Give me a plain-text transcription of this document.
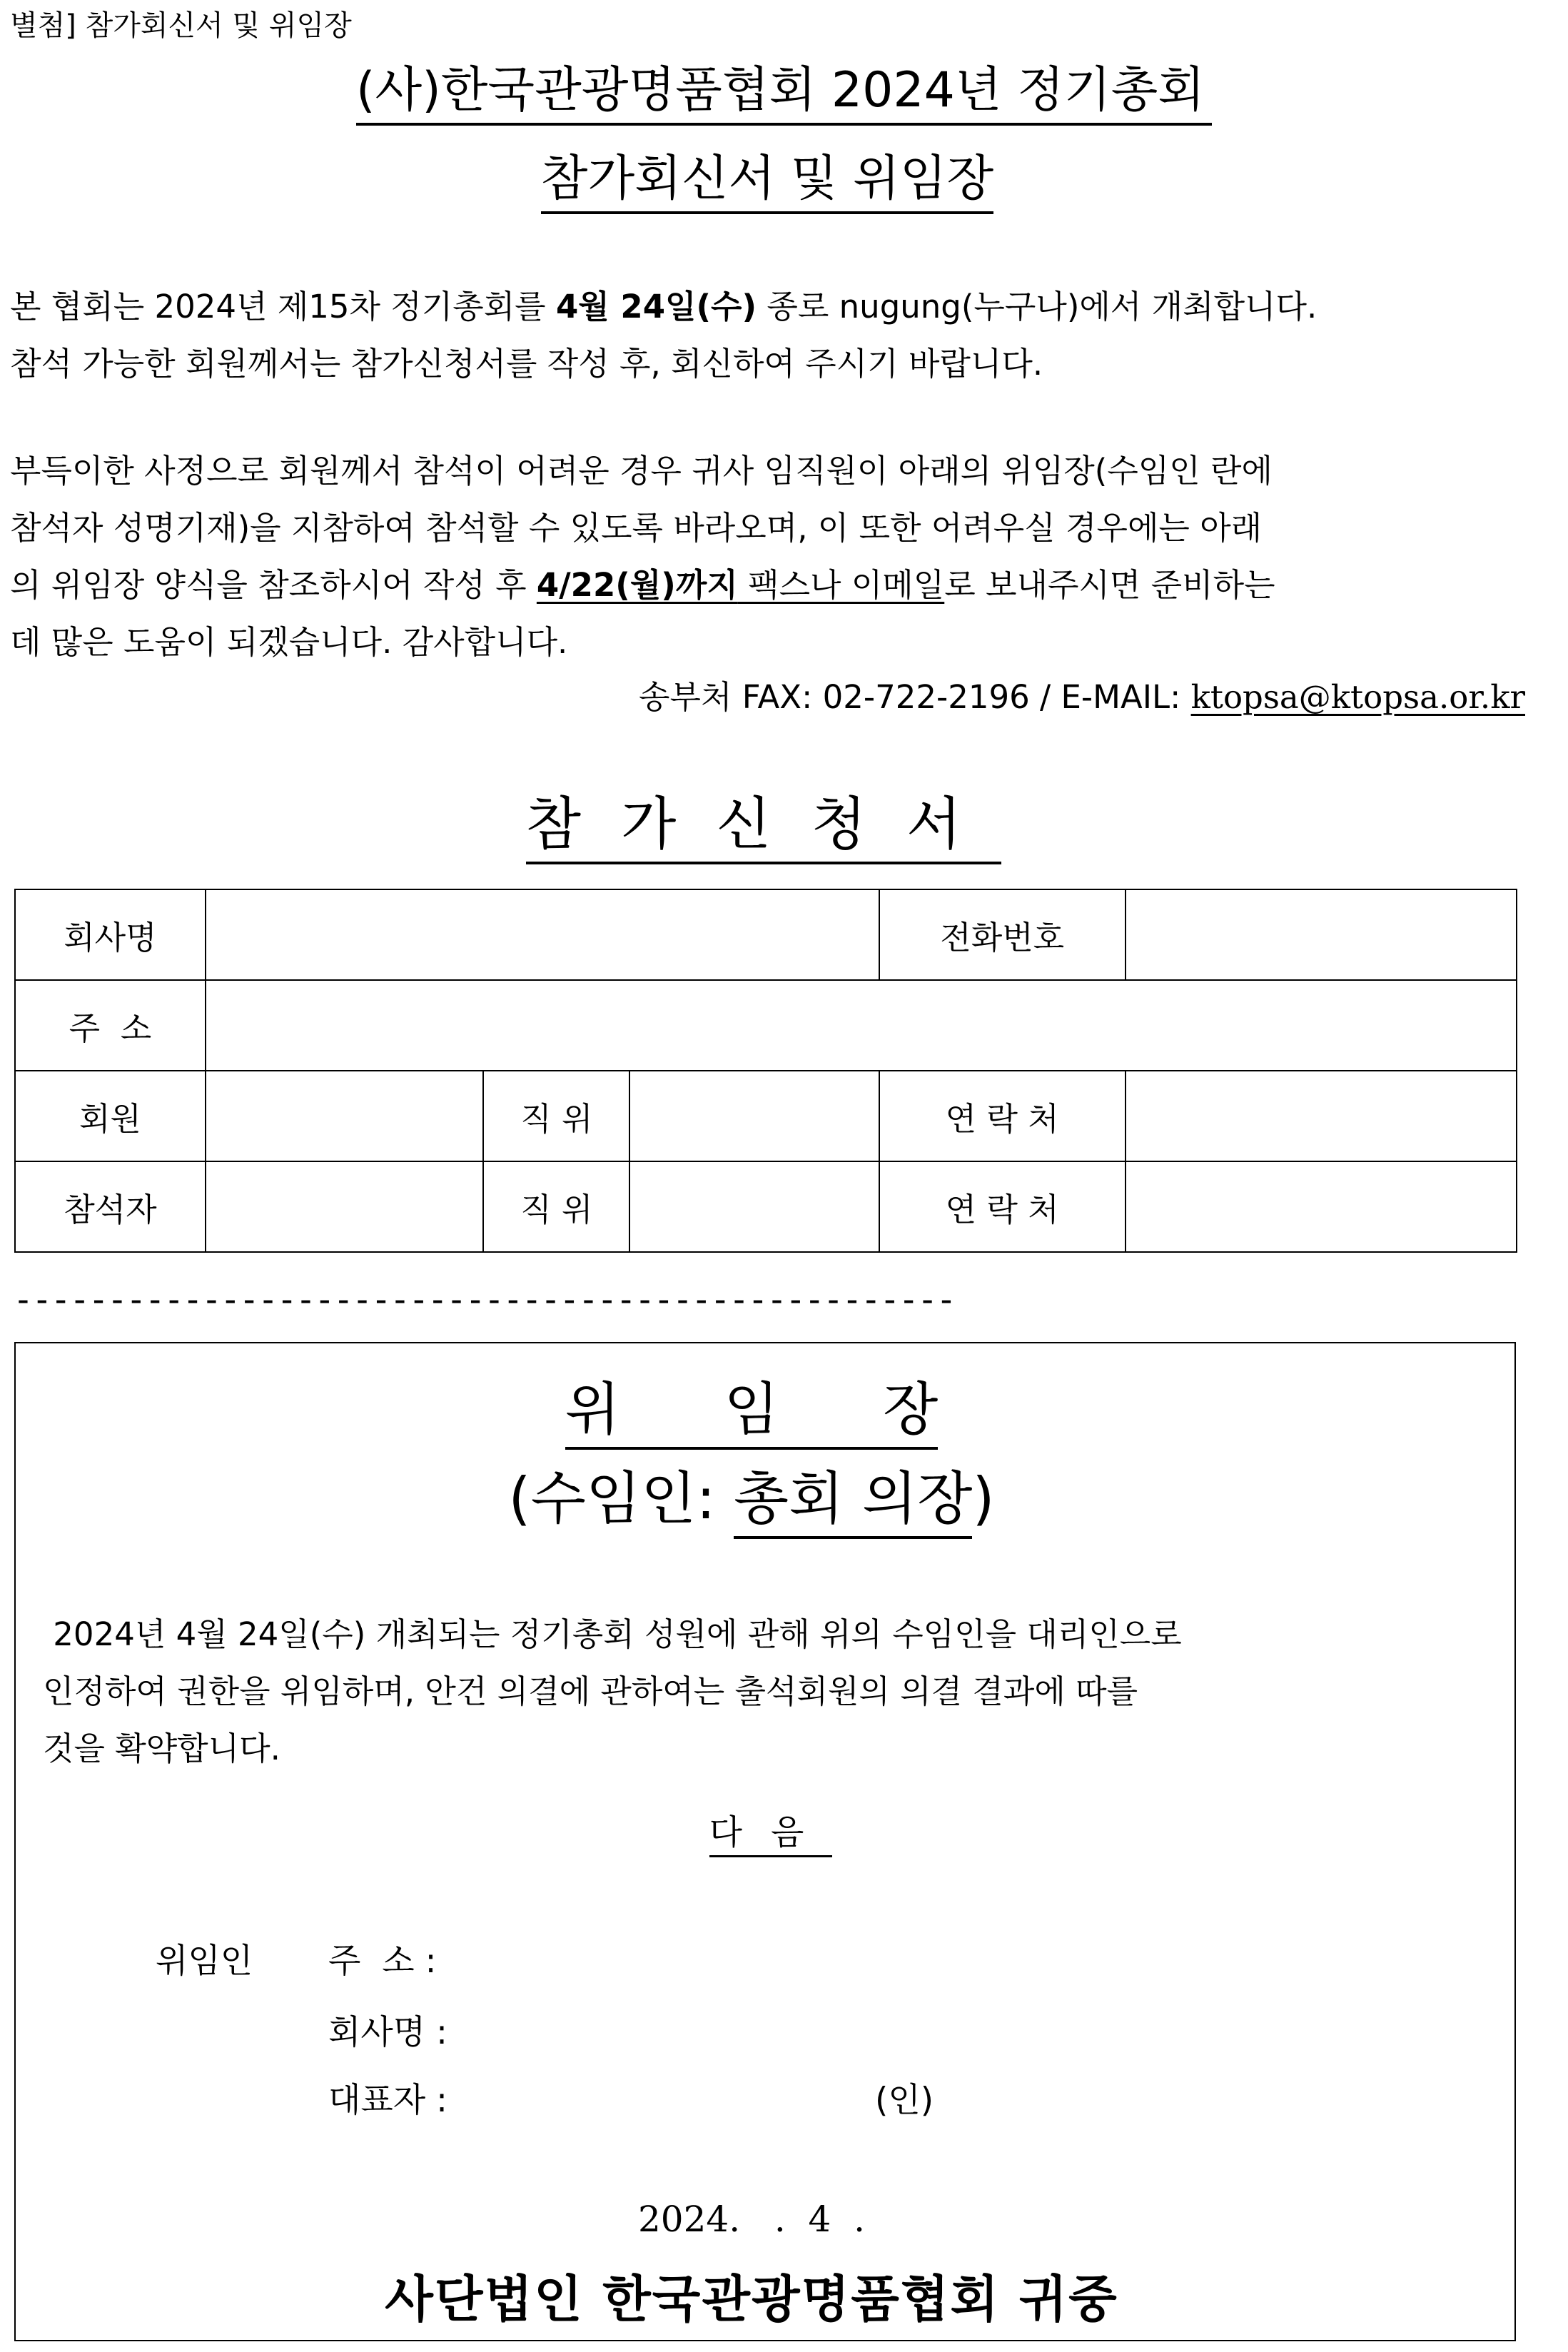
별첨] 참가회신서 및 위임장
(사)한국관광명품협회 2024년 정기총회
참가회신서 및 위임장
본 협회는 2024년 제15차 정기총회를 4월 24일(수) 종로 nugung(누구나)에서 개최합니다.
참석 가능한 회원께서는 참가신청서를 작성 후, 회신하여 주시기 바랍니다.
부득이한 사정으로 회원께서 참석이 어려운 경우 귀사 임직원이 아래의 위임장(수임인 란에
참석자 성명기재)을 지참하여 참석할 수 있도록 바라오며, 이 또한 어려우실 경우에는 아래
의 위임장 양식을 참조하시어 작성 후 4/22(월)까지 팩스나 이메일로 보내주시면 준비하는
데 많은 도움이 되겠습니다. 감사합니다.
송부처 FAX: 02-722-2196 / E-MAIL: ktopsa@ktopsa.or.kr
참가신청서
회사명				전화번호	
주  소					
회원		직 위		연 락 처	
참석자		직 위		연 락 처	
--------------------------------------------------
위 임 장
(수임인: 총회 의장)
2024년 4월 24일(수) 개최되는 정기총회 성원에 관해 위의 수임인을 대리인으로
인정하여 권한을 위임하며, 안건 의결에 관하여는 출석회원의 의결 결과에 따를
것을 확약합니다.
다음
위임인 주  소 :
회사명 :
대표자 :	(인)
2024.   .  4  .
사단법인 한국관광명품협회 귀중
